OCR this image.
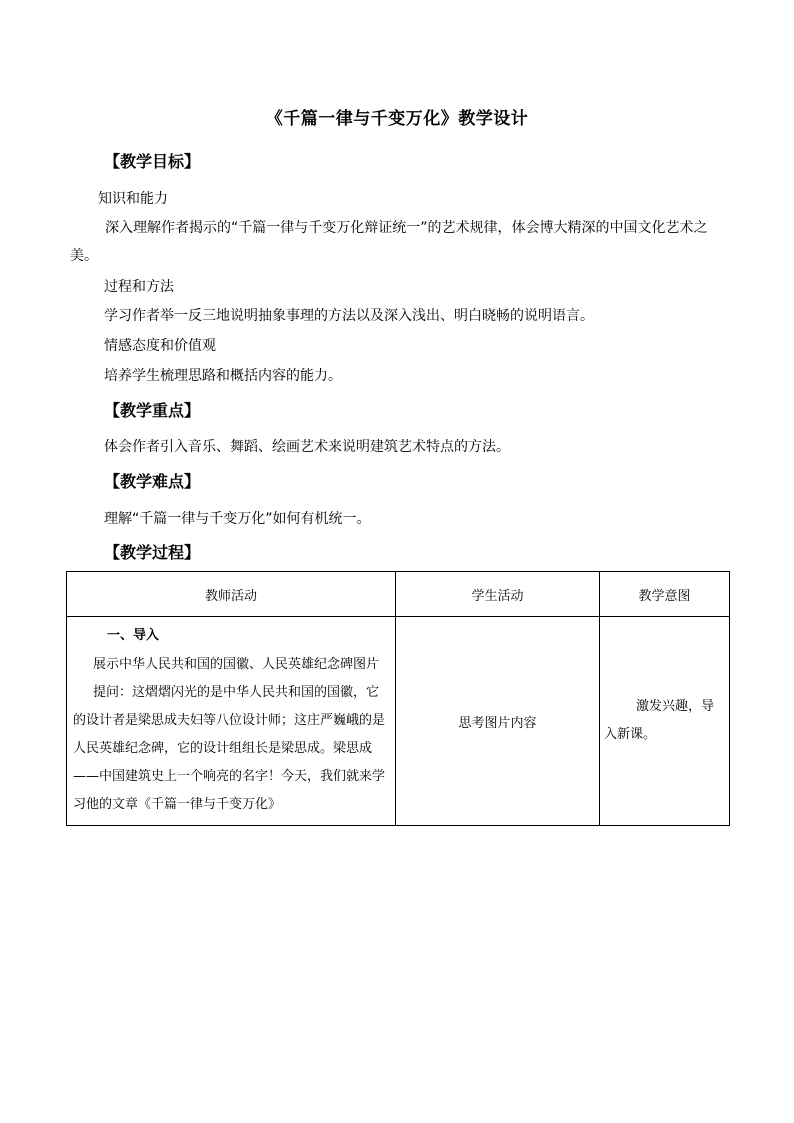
《千篇一律与千变万化》教学设计
【教学目标】
知识和能力
深入理解作者揭示的“千篇一律与千变万化辩证统一”的艺术规律，体会博大精深的中国文化艺术之美。
过程和方法
学习作者举一反三地说明抽象事理的方法以及深入浅出、明白晓畅的说明语言。
情感态度和价值观
培养学生梳理思路和概括内容的能力。
【教学重点】
体会作者引入音乐、舞蹈、绘画艺术来说明建筑艺术特点的方法。
【教学难点】
理解“千篇一律与千变万化”如何有机统一。
【教学过程】
教师活动	学生活动	教学意图

一、导入
展示中华人民共和国的国徽、人民英雄纪念碑图片
提问：这熠熠闪光的是中华人民共和国的国徽，它的设计者是梁思成夫妇等八位设计师；这庄严巍峨的是人民英雄纪念碑，它的设计组组长是梁思成。梁思成——中国建筑史上一个响亮的名字！今天，我们就来学习他的文章《千篇一律与千变万化》	思考图片内容	激发兴趣，导入新课。
